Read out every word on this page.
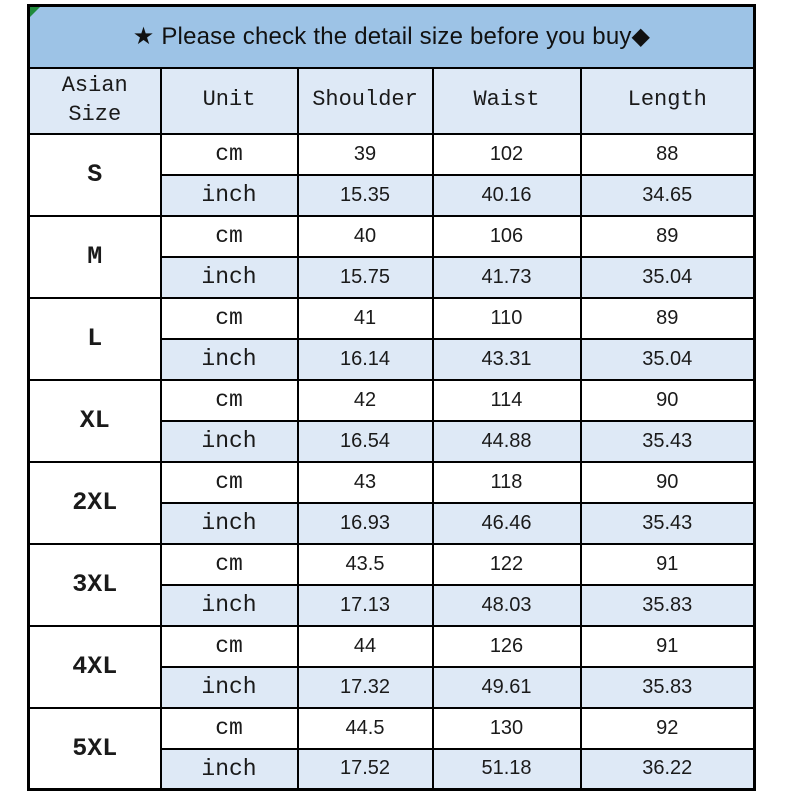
★ Please check the detail size before you buy◆				
Asian Size	Unit	Shoulder	Waist	Length
S	cm	39	102	88
	inch	15.35	40.16	34.65
M	cm	40	106	89
	inch	15.75	41.73	35.04
L	cm	41	110	89
	inch	16.14	43.31	35.04
XL	cm	42	114	90
	inch	16.54	44.88	35.43
2XL	cm	43	118	90
	inch	16.93	46.46	35.43
3XL	cm	43.5	122	91
	inch	17.13	48.03	35.83
4XL	cm	44	126	91
	inch	17.32	49.61	35.83
5XL	cm	44.5	130	92
	inch	17.52	51.18	36.22
